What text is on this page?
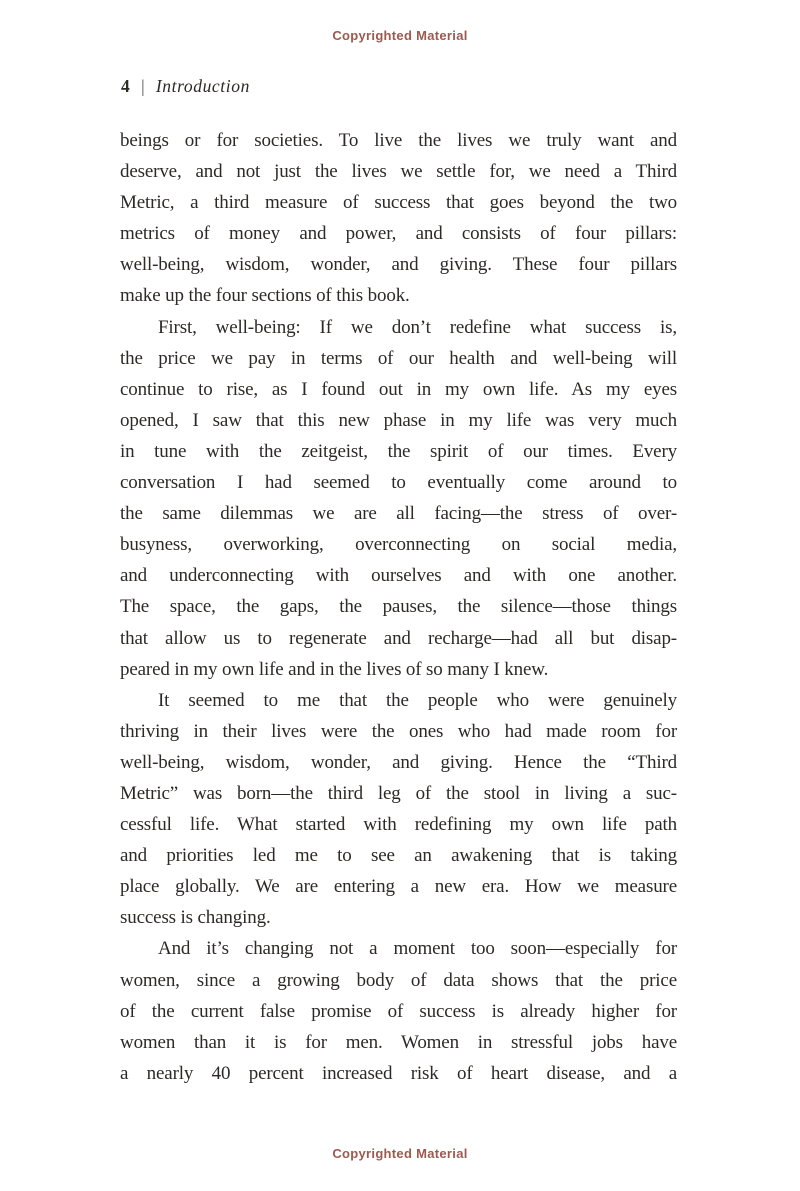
Copyrighted Material
4 | Introduction
beings or for societies. To live the lives we truly want and
deserve, and not just the lives we settle for, we need a Third
Metric, a third measure of success that goes beyond the two
metrics of money and power, and consists of four pillars:
well-being, wisdom, wonder, and giving. These four pillars
make up the four sections of this book.
First, well-being: If we don’t redefine what success is,
the price we pay in terms of our health and well-being will
continue to rise, as I found out in my own life. As my eyes
opened, I saw that this new phase in my life was very much
in tune with the zeitgeist, the spirit of our times. Every
conversation I had seemed to eventually come around to
the same dilemmas we are all facing—the stress of over-
busyness, overworking, overconnecting on social media,
and underconnecting with ourselves and with one another.
The space, the gaps, the pauses, the silence—those things
that allow us to regenerate and recharge—had all but disap-
peared in my own life and in the lives of so many I knew.
It seemed to me that the people who were genuinely
thriving in their lives were the ones who had made room for
well-being, wisdom, wonder, and giving. Hence the “Third
Metric” was born—the third leg of the stool in living a suc-
cessful life. What started with redefining my own life path
and priorities led me to see an awakening that is taking
place globally. We are entering a new era. How we measure
success is changing.
And it’s changing not a moment too soon—especially for
women, since a growing body of data shows that the price
of the current false promise of success is already higher for
women than it is for men. Women in stressful jobs have
a nearly 40 percent increased risk of heart disease, and a
Copyrighted Material
